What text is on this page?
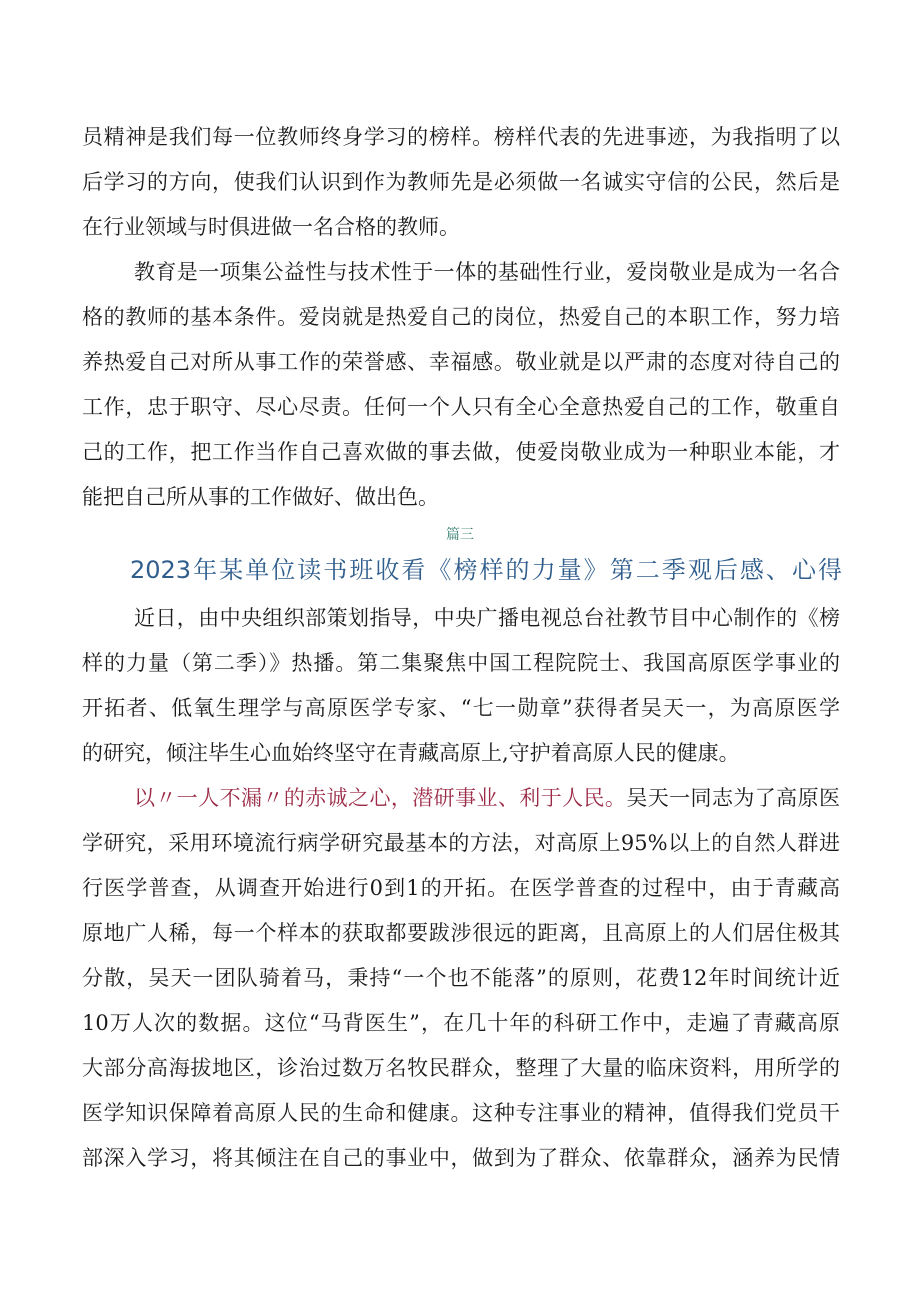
员精神是我们每一位教师终身学习的榜样。榜样代表的先进事迹，为我指明了以
后学习的方向，使我们认识到作为教师先是必须做一名诚实守信的公民，然后是
在行业领域与时俱进做一名合格的教师。
教育是一项集公益性与技术性于一体的基础性行业，爱岗敬业是成为一名合
格的教师的基本条件。爱岗就是热爱自己的岗位，热爱自己的本职工作，努力培
养热爱自己对所从事工作的荣誉感、幸福感。敬业就是以严肃的态度对待自己的
工作，忠于职守、尽心尽责。任何一个人只有全心全意热爱自己的工作，敬重自
己的工作，把工作当作自己喜欢做的事去做，使爱岗敬业成为一种职业本能，才
能把自己所从事的工作做好、做出色。
篇三
2023年某单位读书班收看《榜样的力量》第二季观后感、心得
近日，由中央组织部策划指导，中央广播电视总台社教节目中心制作的《榜
样的力量（第二季）》热播。第二集聚焦中国工程院院士、我国高原医学事业的
开拓者、低氧生理学与高原医学专家、“七一勋章”获得者吴天一，为高原医学
的研究，倾注毕生心血始终坚守在青藏高原上,守护着高原人民的健康。
以〃一人不漏〃的赤诚之心，潜研事业、利于人民。吴天一同志为了高原医
学研究，采用环境流行病学研究最基本的方法，对高原上95%以上的自然人群进
行医学普查，从调查开始进行0到1的开拓。在医学普查的过程中，由于青藏高
原地广人稀，每一个样本的获取都要跋涉很远的距离，且高原上的人们居住极其
分散，吴天一团队骑着马，秉持“一个也不能落”的原则，花费12年时间统计近
10万人次的数据。这位“马背医生”，在几十年的科研工作中，走遍了青藏高原
大部分高海拔地区，诊治过数万名牧民群众，整理了大量的临床资料，用所学的
医学知识保障着高原人民的生命和健康。这种专注事业的精神，值得我们党员干
部深入学习，将其倾注在自己的事业中，做到为了群众、依靠群众，涵养为民情
